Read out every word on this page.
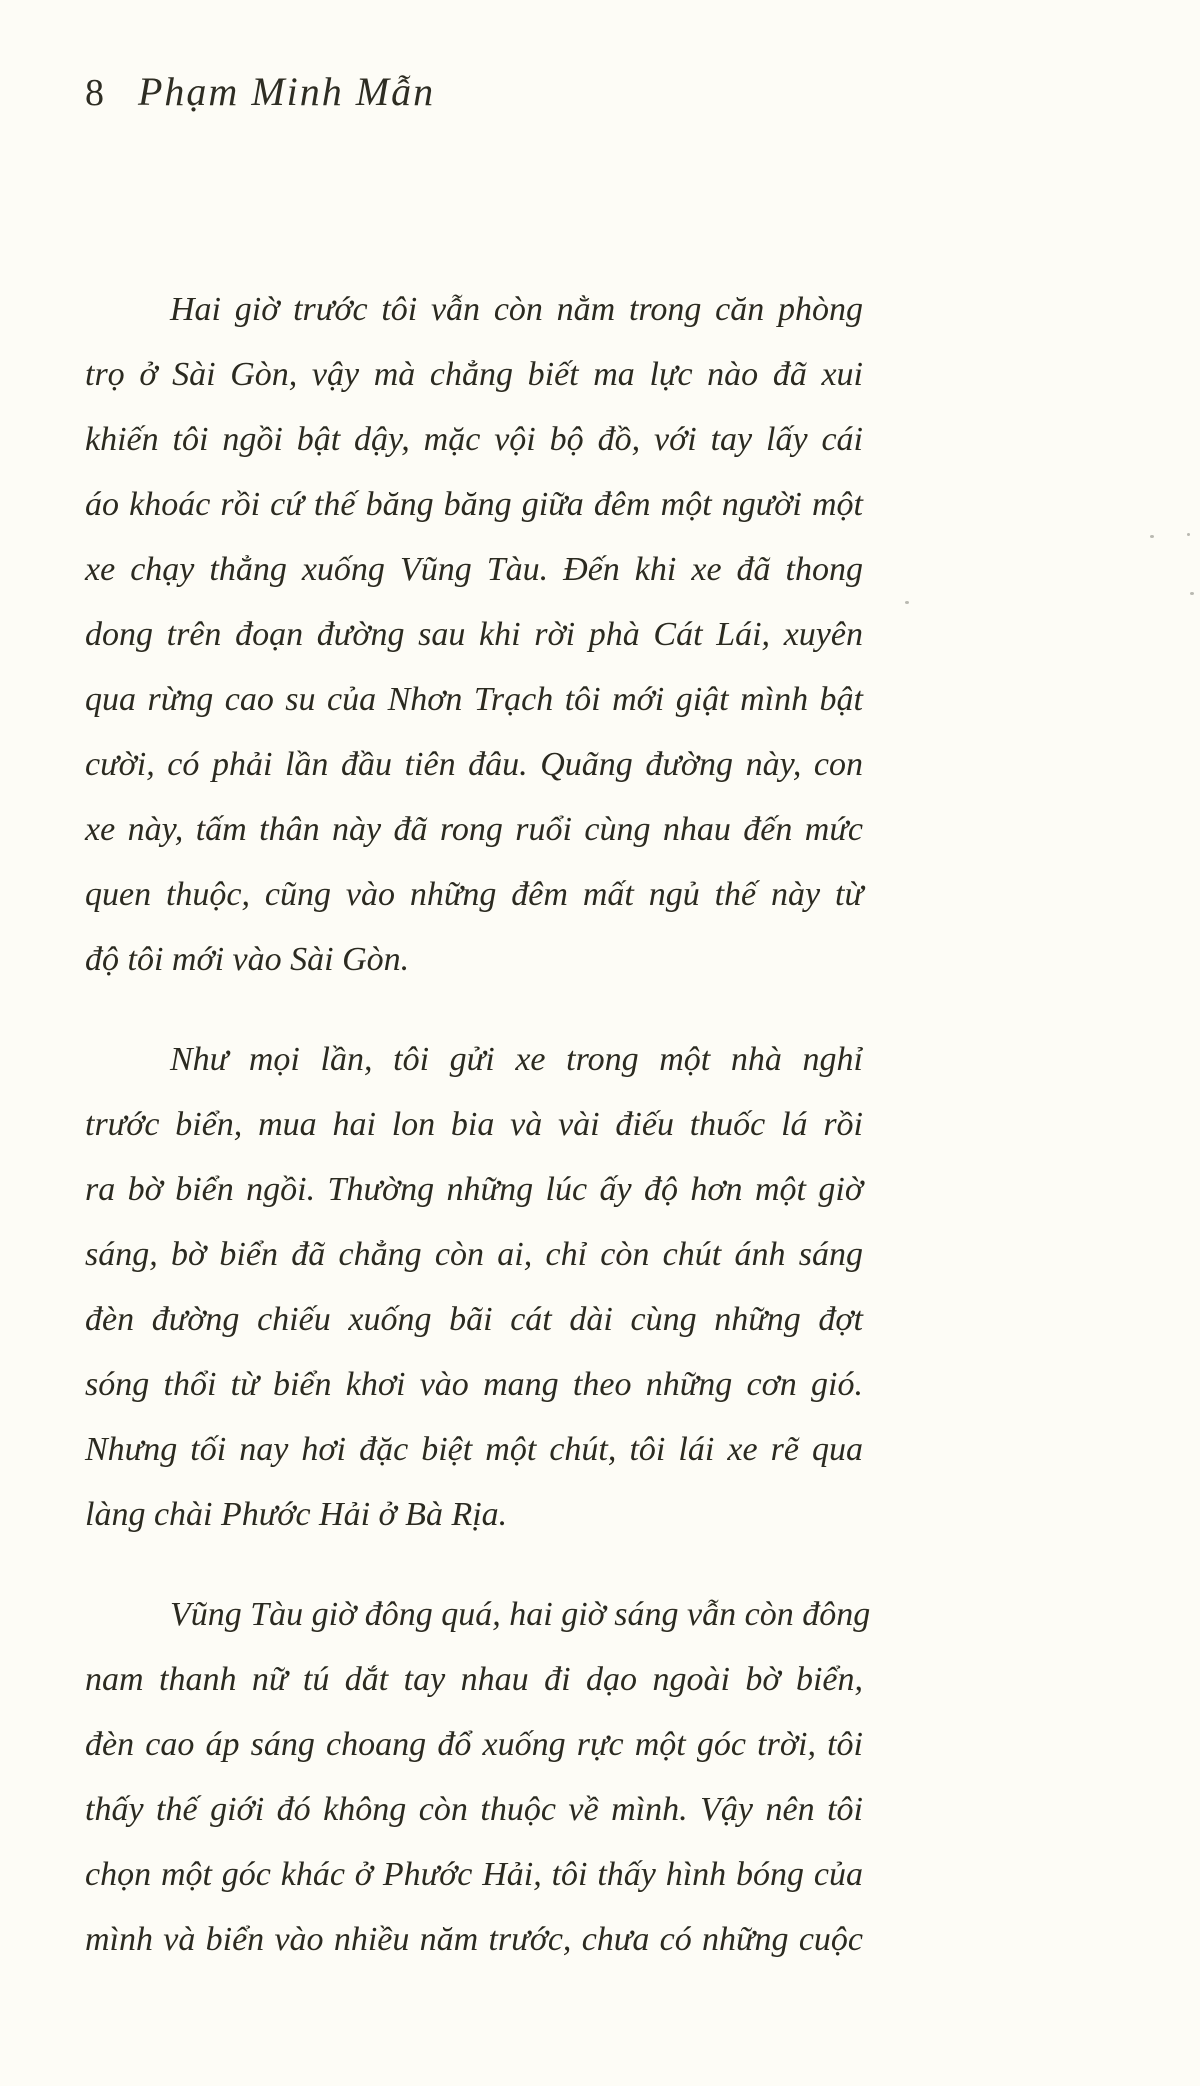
8 Phạm Minh Mẫn
Hai giờ trước tôi vẫn còn nằm trong căn phòng
trọ ở Sài Gòn, vậy mà chẳng biết ma lực nào đã xui
khiến tôi ngồi bật dậy, mặc vội bộ đồ, với tay lấy cái
áo khoác rồi cứ thế băng băng giữa đêm một người một
xe chạy thẳng xuống Vũng Tàu. Đến khi xe đã thong
dong trên đoạn đường sau khi rời phà Cát Lái, xuyên
qua rừng cao su của Nhơn Trạch tôi mới giật mình bật
cười, có phải lần đầu tiên đâu. Quãng đường này, con
xe này, tấm thân này đã rong ruổi cùng nhau đến mức
quen thuộc, cũng vào những đêm mất ngủ thế này từ
độ tôi mới vào Sài Gòn.
Như mọi lần, tôi gửi xe trong một nhà nghỉ
trước biển, mua hai lon bia và vài điếu thuốc lá rồi
ra bờ biển ngồi. Thường những lúc ấy độ hơn một giờ
sáng, bờ biển đã chẳng còn ai, chỉ còn chút ánh sáng
đèn đường chiếu xuống bãi cát dài cùng những đợt
sóng thổi từ biển khơi vào mang theo những cơn gió.
Nhưng tối nay hơi đặc biệt một chút, tôi lái xe rẽ qua
làng chài Phước Hải ở Bà Rịa.
Vũng Tàu giờ đông quá, hai giờ sáng vẫn còn đông
nam thanh nữ tú dắt tay nhau đi dạo ngoài bờ biển,
đèn cao áp sáng choang đổ xuống rực một góc trời, tôi
thấy thế giới đó không còn thuộc về mình. Vậy nên tôi
chọn một góc khác ở Phước Hải, tôi thấy hình bóng của
mình và biển vào nhiều năm trước, chưa có những cuộc
